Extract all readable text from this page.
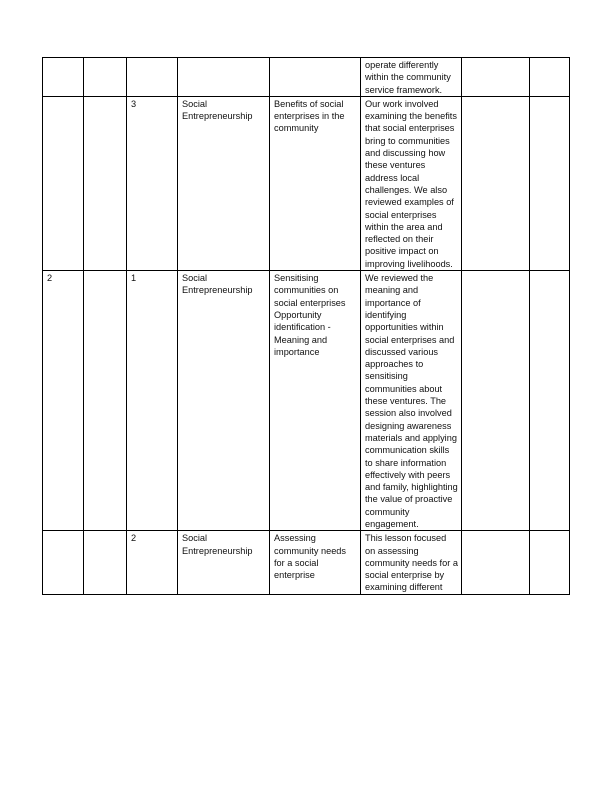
					operate differently within the community service framework.		
		3	Social Entrepreneurship	Benefits of social enterprises in the community	Our work involved examining the benefits that social enterprises bring to communities and discussing how these ventures address local challenges. We also reviewed examples of social enterprises within the area and reflected on their positive impact on improving livelihoods.		
2		1	Social Entrepreneurship	Sensitising communities on social enterprises Opportunity identification - Meaning and importance	We reviewed the meaning and importance of identifying opportunities within social enterprises and discussed various approaches to sensitising communities about these ventures. The session also involved designing awareness materials and applying communication skills to share information effectively with peers and family, highlighting the value of proactive community engagement.		
		2	Social Entrepreneurship	Assessing community needs for a social enterprise	This lesson focused on assessing community needs for a social enterprise by examining different		
